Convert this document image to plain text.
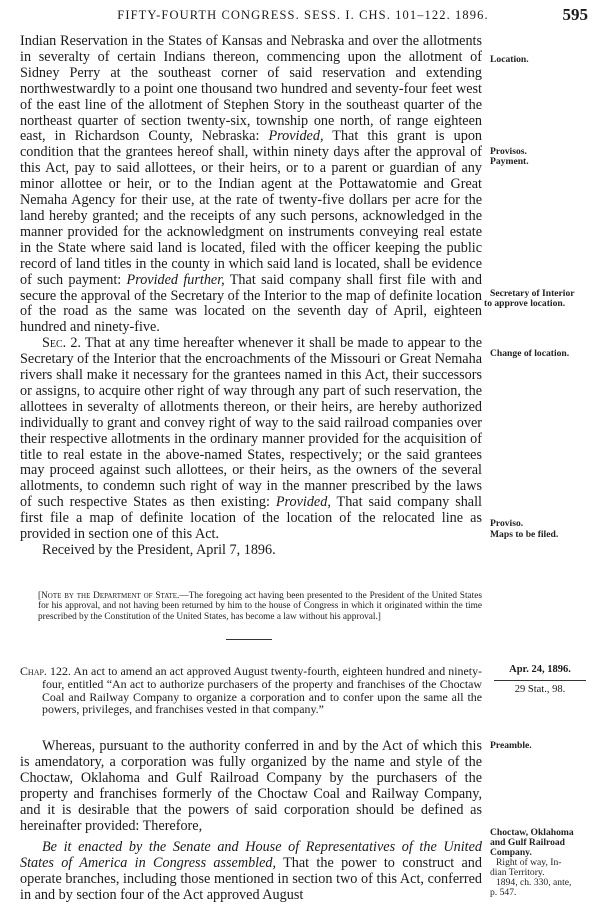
FIFTY-FOURTH CONGRESS. SESS. I. CHS. 101–122. 1896.	595

Indian Reservation in the States of Kansas and Nebraska and over the allotments in severalty of certain Indians thereon, commencing upon the allotment of Sidney Perry at the southeast corner of said reservation and extending northwestwardly to a point one thousand two hundred and seventy-four feet west of the east line of the allotment of Stephen Story in the southeast quarter of the northeast quarter of section twenty-six, township one north, of range eighteen east, in Richardson County, Nebraska: Provided, That this grant is upon condition that the grantees hereof shall, within ninety days after the approval of this Act, pay to said allottees, or their heirs, or to a parent or guardian of any minor allottee or heir, or to the Indian agent at the Pottawatomie and Great Nemaha Agency for their use, at the rate of twenty-five dollars per acre for the land hereby granted; and the receipts of any such persons, acknowledged in the manner provided for the acknowledgment on instruments conveying real estate in the State where said land is located, filed with the officer keeping the public record of land titles in the county in which said land is located, shall be evidence of such payment: Provided further, That said company shall first file with and secure the approval of the Secretary of the Interior to the map of definite location of the road as the same was located on the seventh day of April, eighteen hundred and ninety-five.

Sec. 2. That at any time hereafter whenever it shall be made to appear to the Secretary of the Interior that the encroachments of the Missouri or Great Nemaha rivers shall make it necessary for the grantees named in this Act, their successors or assigns, to acquire other right of way through any part of such reservation, the allottees in severalty of allotments thereon, or their heirs, are hereby authorized individually to grant and convey right of way to the said railroad companies over their respective allotments in the ordinary manner provided for the acquisition of title to real estate in the above-named States, respectively; or the said grantees may proceed against such allottees, or their heirs, as the owners of the several allotments, to condemn such right of way in the manner prescribed by the laws of such respective States as then existing: Provided, That said company shall first file a map of definite location of the location of the relocated line as provided in section one of this Act.

Received by the President, April 7, 1896.

Location.
Provisos.
Payment.
Secretary of Interior
to approve location.
Change of location.
Proviso.
Maps to be filed.
[Note by the Department of State.—The foregoing act having been presented to the President of the United States for his approval, and not having been returned by him to the house of Congress in which it originated within the time prescribed by the Constitution of the United States, has become a law without his approval.]

Chap. 122. An act to amend an act approved August twenty-fourth, eighteen hundred and ninety-four, entitled “An act to authorize purchasers of the property and franchises of the Choctaw Coal and Railway Company to organize a corporation and to confer upon the same all the powers, privileges, and franchises vested in that company.”

Apr. 24, 1896.
29 Stat., 98.
Preamble.
Choctaw, Oklahoma
and Gulf Railroad
Company.
Right of way, In-
dian Territory.
1894, ch. 330, ante,
p. 547.

Whereas, pursuant to the authority conferred in and by the Act of which this is amendatory, a corporation was fully organized by the name and style of the Choctaw, Oklahoma and Gulf Railroad Company by the purchasers of the property and franchises formerly of the Choctaw Coal and Railway Company, and it is desirable that the powers of said corporation should be defined as hereinafter provided: Therefore,

Be it enacted by the Senate and House of Representatives of the United States of America in Congress assembled, That the power to construct and operate branches, including those mentioned in section two of this Act, conferred in and by section four of the Act approved August
